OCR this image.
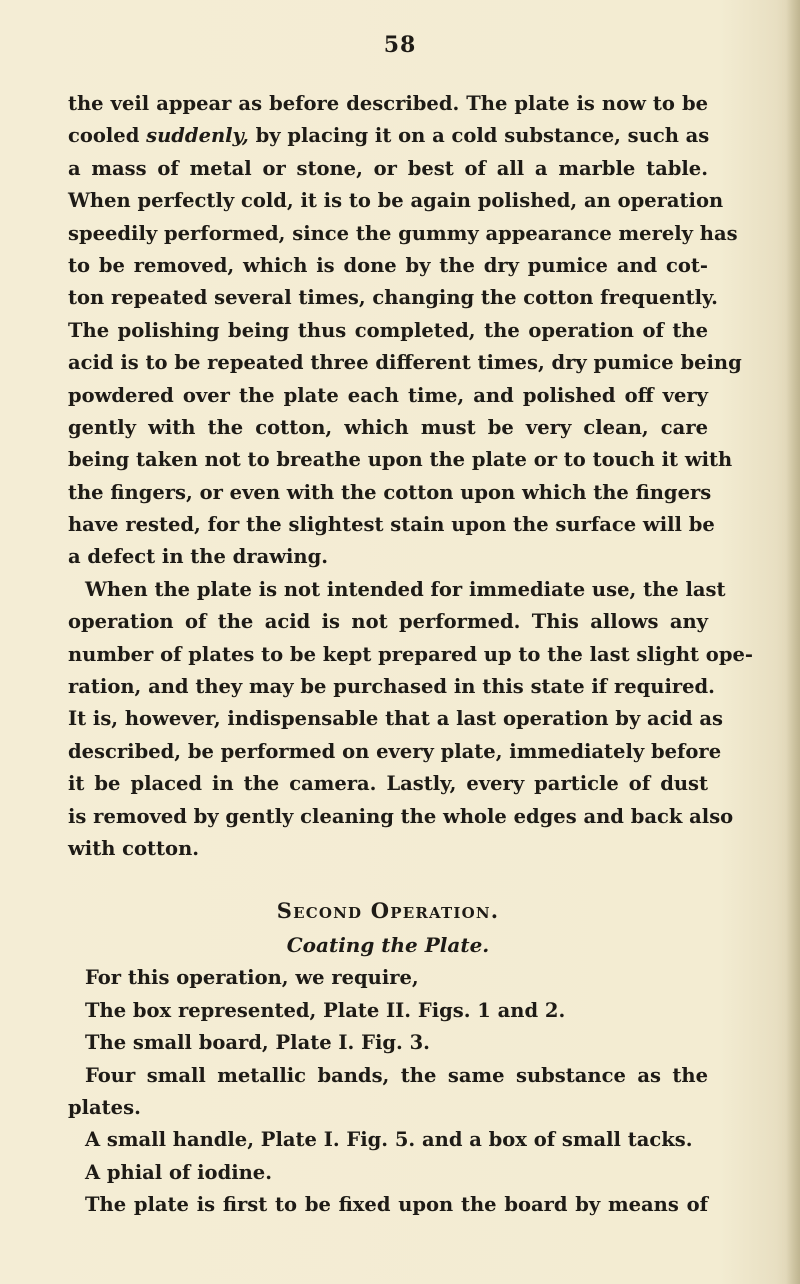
58
the veil appear as before described. The plate is now to be
cooled suddenly, by placing it on a cold substance, such as
a mass of metal or stone, or best of all a marble table.
When perfectly cold, it is to be again polished, an operation
speedily performed, since the gummy appearance merely has
to be removed, which is done by the dry pumice and cot-
ton repeated several times, changing the cotton frequently.
The polishing being thus completed, the operation of the
acid is to be repeated three different times, dry pumice being
powdered over the plate each time, and polished off very
gently with the cotton, which must be very clean, care
being taken not to breathe upon the plate or to touch it with
the fingers, or even with the cotton upon which the fingers
have rested, for the slightest stain upon the surface will be
a defect in the drawing.
When the plate is not intended for immediate use, the last
operation of the acid is not performed. This allows any
number of plates to be kept prepared up to the last slight ope-
ration, and they may be purchased in this state if required.
It is, however, indispensable that a last operation by acid as
described, be performed on every plate, immediately before
it be placed in the camera. Lastly, every particle of dust
is removed by gently cleaning the whole edges and back also
with cotton.
Second Operation.
Coating the Plate.
For this operation, we require,
The box represented, Plate II. Figs. 1 and 2.
The small board, Plate I. Fig. 3.
Four small metallic bands, the same substance as the
plates.
A small handle, Plate I. Fig. 5. and a box of small tacks.
A phial of iodine.
The plate is first to be fixed upon the board by means of
